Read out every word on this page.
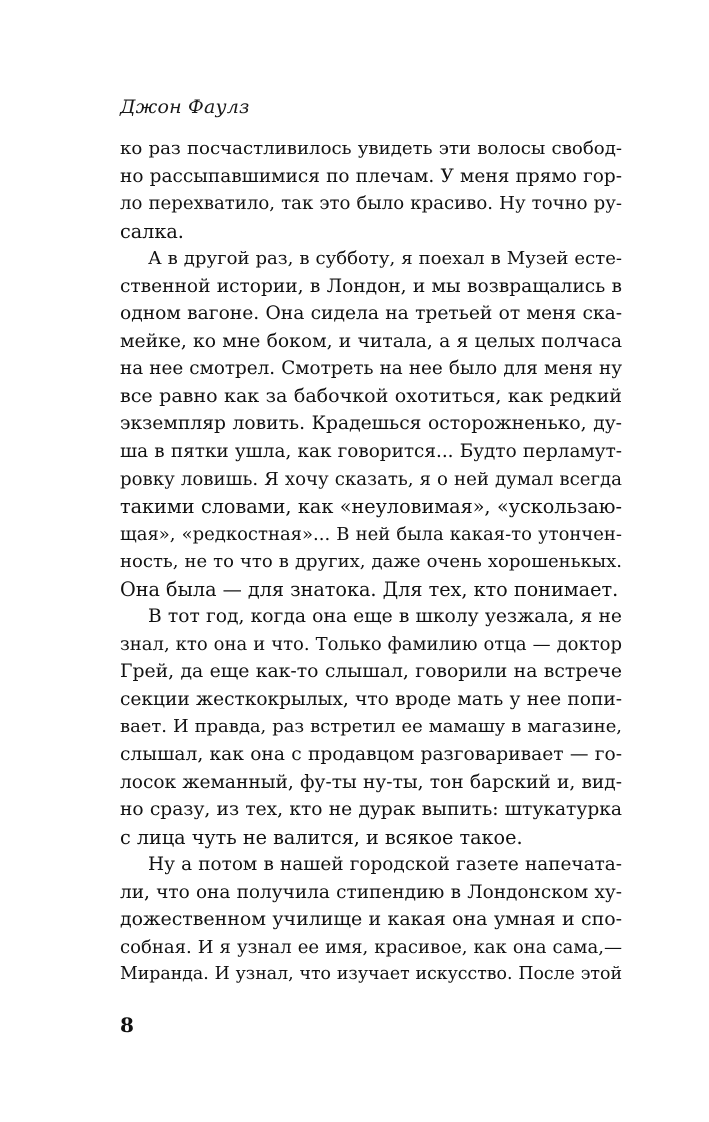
Джон Фаулз
ко раз посчастливилось увидеть эти волосы свобод-
но рассыпавшимися по плечам. У меня прямо гор-
ло перехватило, так это было красиво. Ну точно ру-
салка.
А в другой раз, в субботу, я поехал в Музей есте-
ственной истории, в Лондон, и мы возвращались в
одном вагоне. Она сидела на третьей от меня ска-
мейке, ко мне боком, и читала, а я целых полчаса
на нее смотрел. Смотреть на нее было для меня ну
все равно как за бабочкой охотиться, как редкий
экземпляр ловить. Крадешься осторожненько, ду-
ша в пятки ушла, как говорится... Будто перламут-
ровку ловишь. Я хочу сказать, я о ней думал всегда
такими словами, как «неуловимая», «ускользаю-
щая», «редкостная»... В ней была какая-то утончен-
ность, не то что в других, даже очень хорошенькых.
Она была — для знатока. Для тех, кто понимает.
В тот год, когда она еще в школу уезжала, я не
знал, кто она и что. Только фамилию отца — доктор
Грей, да еще как-то слышал, говорили на встрече
секции жесткокрылых, что вроде мать у нее попи-
вает. И правда, раз встретил ее мамашу в магазине,
слышал, как она с продавцом разговаривает — го-
лосок жеманный, фу-ты ну-ты, тон барский и, вид-
но сразу, из тех, кто не дурак выпить: штукатурка
с лица чуть не валится, и всякое такое.
Ну а потом в нашей городской газете напечата-
ли, что она получила стипендию в Лондонском ху-
дожественном училище и какая она умная и спо-
собная. И я узнал ее имя, красивое, как она сама,—
Миранда. И узнал, что изучает искусство. После этой
8
